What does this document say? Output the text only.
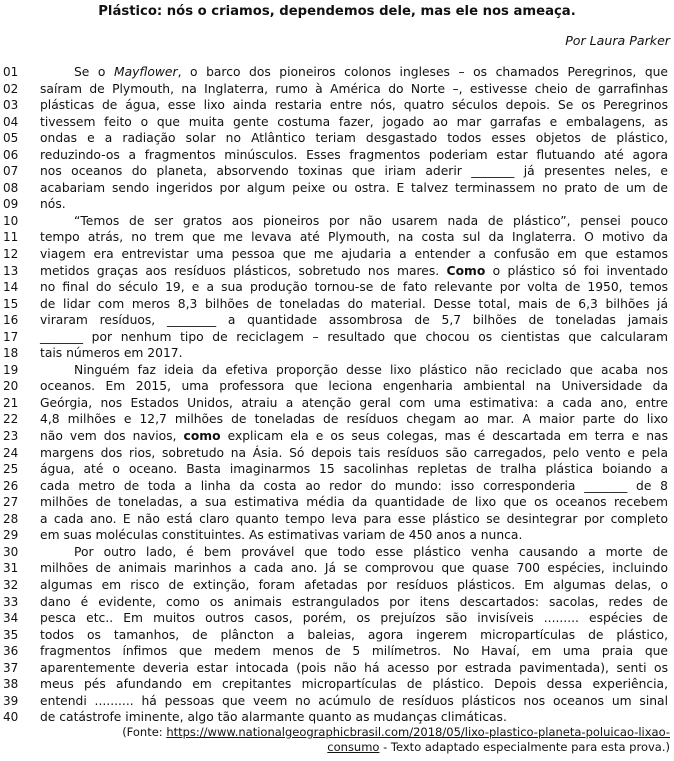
Plástico: nós o criamos, dependemos dele, mas ele nos ameaça.
Por Laura Parker
01	Se o Mayflower, o barco dos pioneiros colonos ingleses – os chamados Peregrinos, que
02	saíram de Plymouth, na Inglaterra, rumo à América do Norte –, estivesse cheio de garrafinhas
03	plásticas de água, esse lixo ainda restaria entre nós, quatro séculos depois. Se os Peregrinos
04	tivessem feito o que muita gente costuma fazer, jogado ao mar garrafas e embalagens, as
05	ondas e a radiação solar no Atlântico teriam desgastado todos esses objetos de plástico,
06	reduzindo-os a fragmentos minúsculos. Esses fragmentos poderiam estar flutuando até agora
07	nos oceanos do planeta, absorvendo toxinas que iriam aderir _______ já presentes neles, e
08	acabariam sendo ingeridos por algum peixe ou ostra. E talvez terminassem no prato de um de
09	nós.
10	“Temos de ser gratos aos pioneiros por não usarem nada de plástico”, pensei pouco
11	tempo atrás, no trem que me levava até Plymouth, na costa sul da Inglaterra. O motivo da
12	viagem era entrevistar uma pessoa que me ajudaria a entender a confusão em que estamos
13	metidos graças aos resíduos plásticos, sobretudo nos mares. Como o plástico só foi inventado
14	no final do século 19, e a sua produção tornou-se de fato relevante por volta de 1950, temos
15	de lidar com meros 8,3 bilhões de toneladas do material. Desse total, mais de 6,3 bilhões já
16	viraram resíduos, ________ a quantidade assombrosa de 5,7 bilhões de toneladas jamais
17	_______ por nenhum tipo de reciclagem – resultado que chocou os cientistas que calcularam
18	tais números em 2017.
19	Ninguém faz ideia da efetiva proporção desse lixo plástico não reciclado que acaba nos
20	oceanos. Em 2015, uma professora que leciona engenharia ambiental na Universidade da
21	Geórgia, nos Estados Unidos, atraiu a atenção geral com uma estimativa: a cada ano, entre
22	4,8 milhões e 12,7 milhões de toneladas de resíduos chegam ao mar. A maior parte do lixo
23	não vem dos navios, como explicam ela e os seus colegas, mas é descartada em terra e nas
24	margens dos rios, sobretudo na Ásia. Só depois tais resíduos são carregados, pelo vento e pela
25	água, até o oceano. Basta imaginarmos 15 sacolinhas repletas de tralha plástica boiando a
26	cada metro de toda a linha da costa ao redor do mundo: isso corresponderia _______ de 8
27	milhões de toneladas, a sua estimativa média da quantidade de lixo que os oceanos recebem
28	a cada ano. E não está claro quanto tempo leva para esse plástico se desintegrar por completo
29	em suas moléculas constituintes. As estimativas variam de 450 anos a nunca.
30	Por outro lado, é bem provável que todo esse plástico venha causando a morte de
31	milhões de animais marinhos a cada ano. Já se comprovou que quase 700 espécies, incluindo
32	algumas em risco de extinção, foram afetadas por resíduos plásticos. Em algumas delas, o
33	dano é evidente, como os animais estrangulados por itens descartados: sacolas, redes de
34	pesca etc.. Em muitos outros casos, porém, os prejuízos são invisíveis ......... espécies de
35	todos os tamanhos, de plâncton a baleias, agora ingerem micropartículas de plástico,
36	fragmentos ínfimos que medem menos de 5 milímetros. No Havaí, em uma praia que
37	aparentemente deveria estar intocada (pois não há acesso por estrada pavimentada), senti os
38	meus pés afundando em crepitantes micropartículas de plástico. Depois dessa experiência,
39	entendi .......... há pessoas que veem no acúmulo de resíduos plásticos nos oceanos um sinal
40	de catástrofe iminente, algo tão alarmante quanto as mudanças climáticas.
(Fonte: https://www.nationalgeographicbrasil.com/2018/05/lixo-plastico-planeta-poluicao-lixao-
consumo - Texto adaptado especialmente para esta prova.)
